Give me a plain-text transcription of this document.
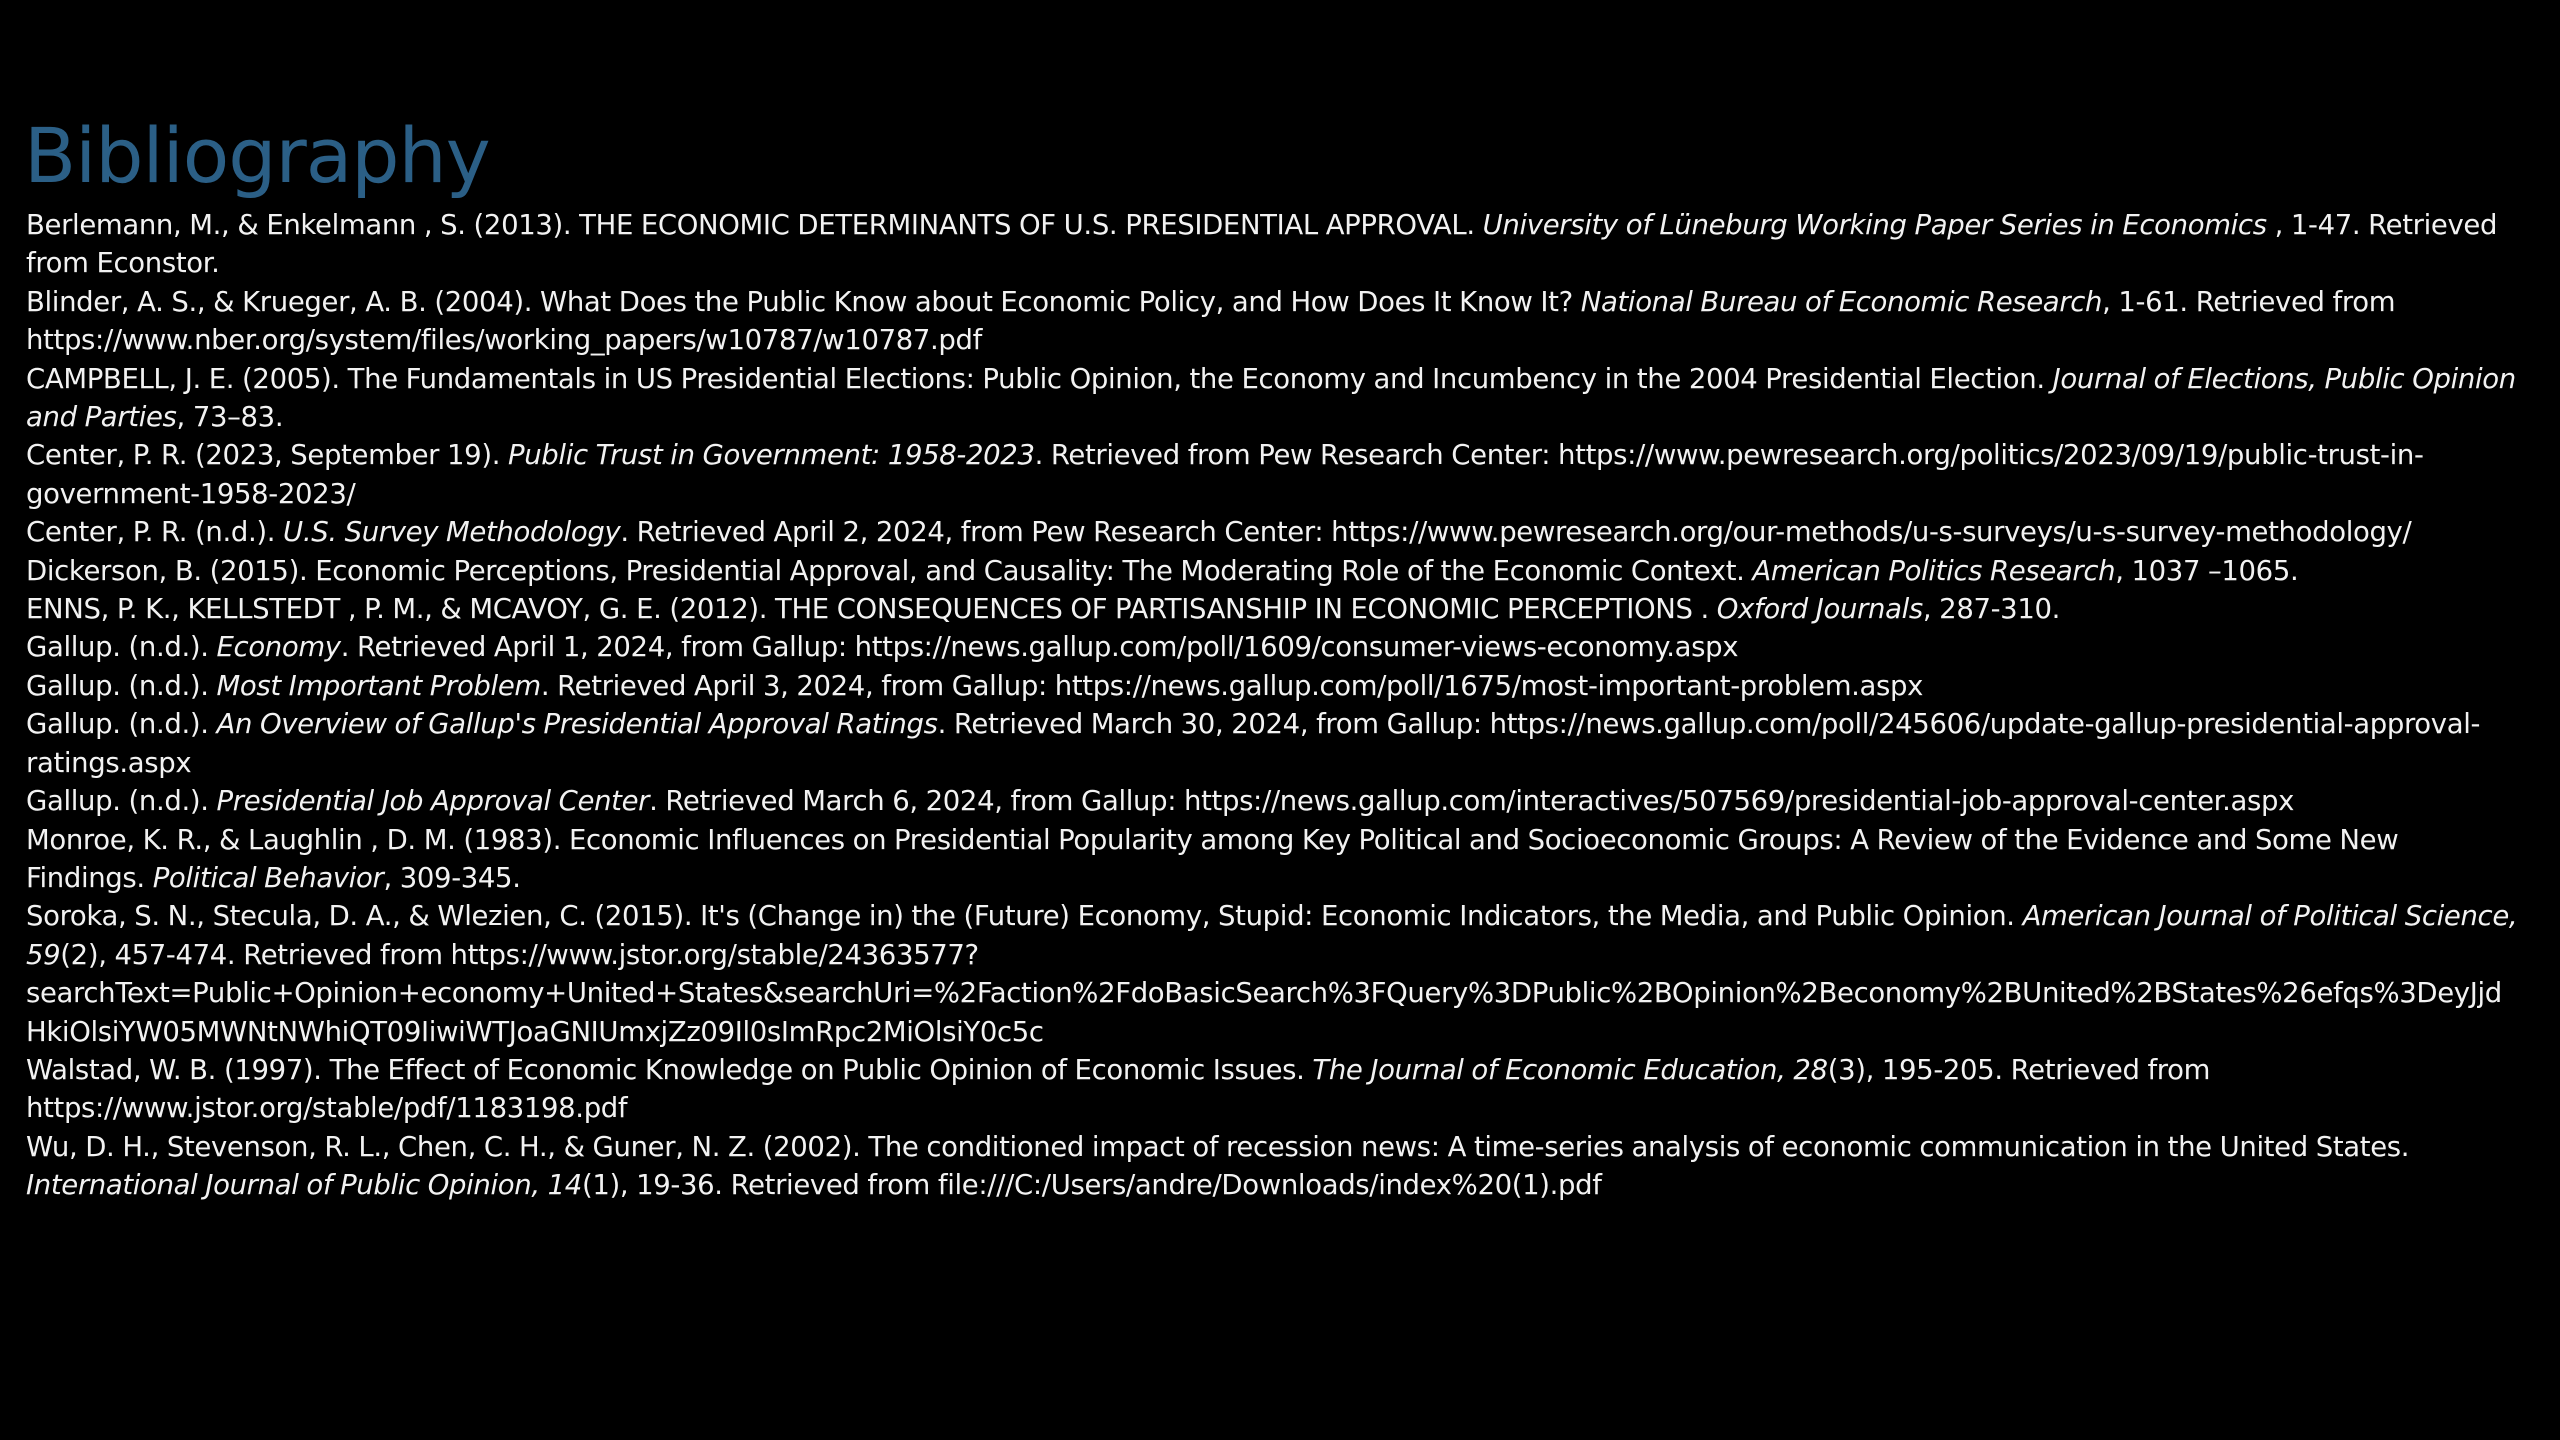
Bibliography
Berlemann, M., & Enkelmann , S. (2013). THE ECONOMIC DETERMINANTS OF U.S. PRESIDENTIAL APPROVAL. University of Lüneburg Working Paper Series in Economics , 1-47. Retrieved from Econstor.
Blinder, A. S., & Krueger, A. B. (2004). What Does the Public Know about Economic Policy, and How Does It Know It? National Bureau of Economic Research, 1-61. Retrieved from https://www.nber.org/system/files/working_papers/w10787/w10787.pdf
CAMPBELL, J. E. (2005). The Fundamentals in US Presidential Elections: Public Opinion, the Economy and Incumbency in the 2004 Presidential Election. Journal of Elections, Public Opinion and Parties, 73–83.
Center, P. R. (2023, September 19). Public Trust in Government: 1958-2023. Retrieved from Pew Research Center: https://www.pewresearch.org/politics/2023/09/19/public-trust-in-government-1958-2023/
Center, P. R. (n.d.). U.S. Survey Methodology. Retrieved April 2, 2024, from Pew Research Center: https://www.pewresearch.org/our-methods/u-s-surveys/u-s-survey-methodology/
Dickerson, B. (2015). Economic Perceptions, Presidential Approval, and Causality: The Moderating Role of the Economic Context. American Politics Research, 1037 –1065.
ENNS, P. K., KELLSTEDT , P. M., & MCAVOY, G. E. (2012). THE CONSEQUENCES OF PARTISANSHIP IN ECONOMIC PERCEPTIONS . Oxford Journals, 287-310.
Gallup. (n.d.). Economy. Retrieved April 1, 2024, from Gallup: https://news.gallup.com/poll/1609/consumer-views-economy.aspx
Gallup. (n.d.). Most Important Problem. Retrieved April 3, 2024, from Gallup: https://news.gallup.com/poll/1675/most-important-problem.aspx
Gallup. (n.d.). An Overview of Gallup's Presidential Approval Ratings. Retrieved March 30, 2024, from Gallup: https://news.gallup.com/poll/245606/update-gallup-presidential-approval-ratings.aspx
Gallup. (n.d.). Presidential Job Approval Center. Retrieved March 6, 2024, from Gallup: https://news.gallup.com/interactives/507569/presidential-job-approval-center.aspx
Monroe, K. R., & Laughlin , D. M. (1983). Economic Influences on Presidential Popularity among Key Political and Socioeconomic Groups: A Review of the Evidence and Some New Findings. Political Behavior, 309-345.
Soroka, S. N., Stecula, D. A., & Wlezien, C. (2015). It's (Change in) the (Future) Economy, Stupid: Economic Indicators, the Media, and Public Opinion. American Journal of Political Science, 59(2), 457-474. Retrieved from https://www.jstor.org/stable/24363577?searchText=Public+Opinion+economy+United+States&searchUri=%2Faction%2FdoBasicSearch%3FQuery%3DPublic%2BOpinion%2Beconomy%2BUnited%2BStates%26efqs%3DeyJjdHkiOlsiYW05MWNtNWhiQT09IiwiWTJoaGNIUmxjZz09Il0sImRpc2MiOlsiY0c5c
Walstad, W. B. (1997). The Effect of Economic Knowledge on Public Opinion of Economic Issues. The Journal of Economic Education, 28(3), 195-205. Retrieved from https://www.jstor.org/stable/pdf/1183198.pdf
Wu, D. H., Stevenson, R. L., Chen, C. H., & Guner, N. Z. (2002). The conditioned impact of recession news: A time-series analysis of economic communication in the United States. International Journal of Public Opinion, 14(1), 19-36. Retrieved from file:///C:/Users/andre/Downloads/index%20(1).pdf
